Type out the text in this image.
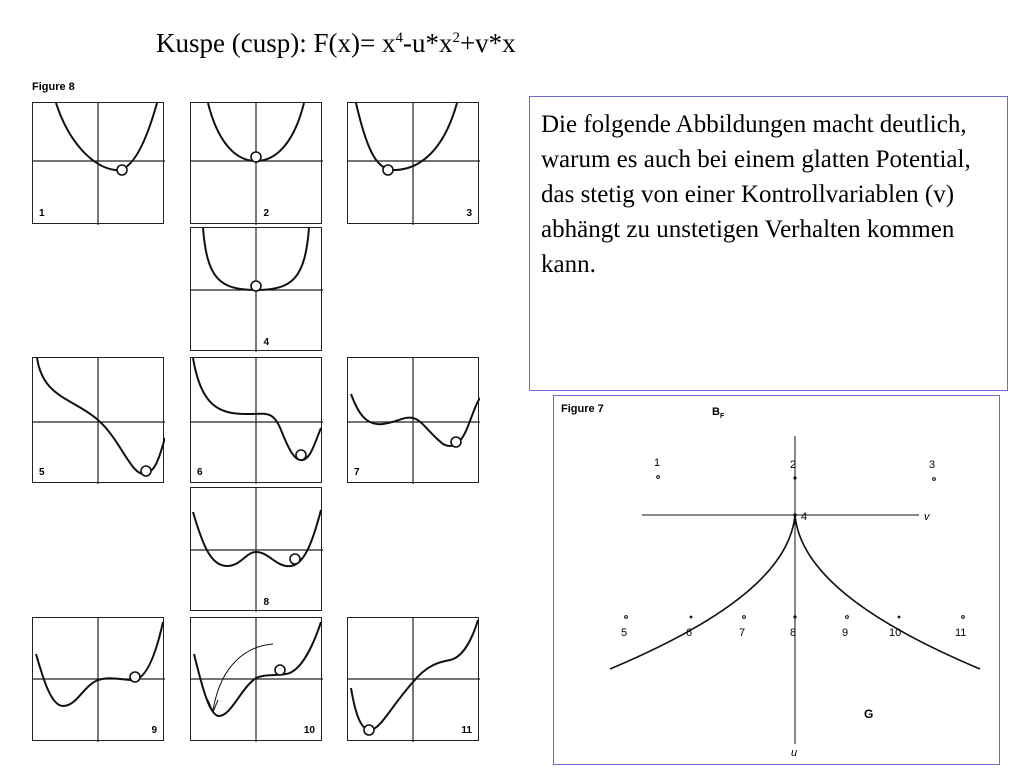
Kuspe (cusp): $F(x)= x^4-u*x^2+v*x$
Figure 8
1	2	3
4
5	6	7
8
9	10	11
Die folgende Abbildungen macht deutlich, warum es auch bei einem glatten Potential, das stetig von einer Kontrollvariablen (v) abhängt zu unstetigen Verhalten kommen kann.
Figure 7	$B_F$
G
v
u
1	2	3
4
5	6	7	8	9	10	11
